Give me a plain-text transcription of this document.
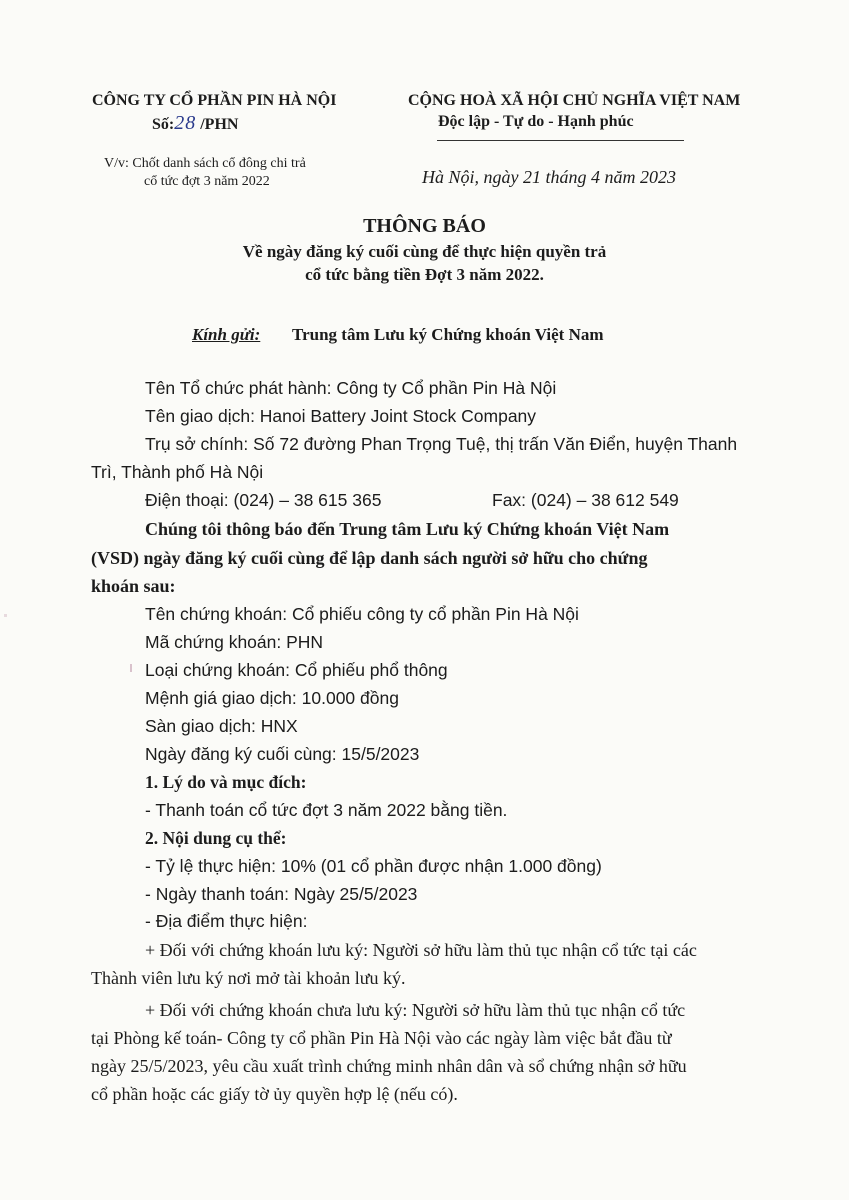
CÔNG TY CỔ PHẦN PIN HÀ NỘI
Số:28 /PHN
CỘNG HOÀ XÃ HỘI CHỦ NGHĨA VIỆT NAM
Độc lập - Tự do - Hạnh phúc
V/v: Chốt danh sách cổ đông chi trả
cổ tức đợt 3 năm 2022	Hà Nội, ngày 21 tháng 4 năm 2023
THÔNG BÁO
Về ngày đăng ký cuối cùng để thực hiện quyền trả
cổ tức bằng tiền Đợt 3 năm 2022.
Kính gửi: Trung tâm Lưu ký Chứng khoán Việt Nam
Tên Tổ chức phát hành: Công ty Cổ phần Pin Hà Nội
Tên giao dịch: Hanoi Battery Joint Stock Company
Trụ sở chính: Số 72 đường Phan Trọng Tuệ, thị trấn Văn Điển, huyện Thanh
Trì, Thành phố Hà Nội
Điện thoại: (024) – 38 615 365	Fax: (024) – 38 612 549
Chúng tôi thông báo đến Trung tâm Lưu ký Chứng khoán Việt Nam
(VSD) ngày đăng ký cuối cùng để lập danh sách người sở hữu cho chứng
khoán sau:
Tên chứng khoán: Cổ phiếu công ty cổ phần Pin Hà Nội
Mã chứng khoán: PHN
Loại chứng khoán: Cổ phiếu phổ thông
Mệnh giá giao dịch: 10.000 đồng
Sàn giao dịch: HNX
Ngày đăng ký cuối cùng: 15/5/2023
1. Lý do và mục đích:
- Thanh toán cổ tức đợt 3 năm 2022 bằng tiền.
2. Nội dung cụ thể:
- Tỷ lệ thực hiện: 10% (01 cổ phần được nhận 1.000 đồng)
- Ngày thanh toán: Ngày 25/5/2023
- Địa điểm thực hiện:
+ Đối với chứng khoán lưu ký: Người sở hữu làm thủ tục nhận cổ tức tại các
Thành viên lưu ký nơi mở tài khoản lưu ký.
+ Đối với chứng khoán chưa lưu ký: Người sở hữu làm thủ tục nhận cổ tức
tại Phòng kế toán- Công ty cổ phần Pin Hà Nội vào các ngày làm việc bắt đầu từ
ngày 25/5/2023, yêu cầu xuất trình chứng minh nhân dân và sổ chứng nhận sở hữu
cổ phần hoặc các giấy tờ ủy quyền hợp lệ (nếu có).
